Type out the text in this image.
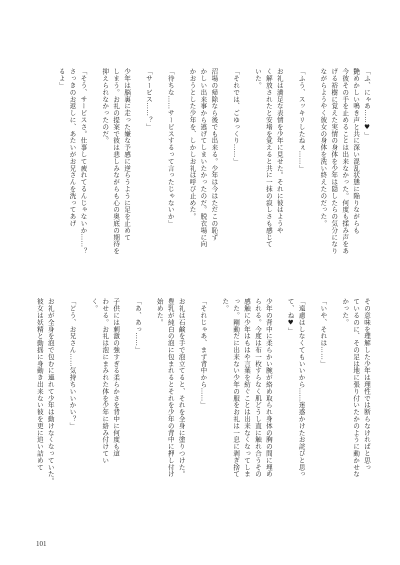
「ふ、にゃあ……♥」
艶めかしい鳴き声と共に深い混乱状態に陥りながらも
今彼その手を止めることは出来なかった。何度も揉み声をあ
げる裕樹に覚えた実情の身体を少年は隠したらの気分になり
ながらようやく彼女の身体を洗い終えたのだった。

「ふう、スッキリしたねぇ……」

お礼は満足な表情を少年に見せた。それに彼はようや
く解放されたと安堵を覚えると共に一抹の寂しさも感じて
いた。

「それでは、ごゆっくり……」

沼場の帰除なら後でも出来る。少年は今はただこの恥ず
かしい出来事から逃げてしまいたかったのだ。脱衣場に向
かおうとした少年を、しかしお礼は呼び止めた。

「待ちな……サービスするって言ったじゃないか」

「サービス……？」

少年は脳裏に走った嫌な予感に逆らうように足を止めて
しまう。お礼の提案で彼は悲しみながらも心の奥底の期待を
抑えられなかったのだ。

「そう、サービスさ。仕事して疲れてるんじゃないか……？
さっきのお返しに、あたいがお兄さんを洗ってあげ
るよ」
その意味を理解した少年は理性では断らなければと思っ
ているのに、その足は地に張り付いたかのように動かせな
かった。

「いや、それは……」

「遠慮はしなくてもいいから……迷惑かけたお詫びと思っ
て、ね♥」

少年の背中に柔らかい腕が絡め取られ身体の胸の間に埋め
られる。今度は布一枚すらなく肌どうし直に触れ合うその
感触に少年はもはや言葉を紡ぐことは出来なくなってしま
った。剛動だに出来ない少年の服をお礼は一息に剥ぎ捨て
た。

「それじゃあ、まず背中から……」

お礼は石鹸を手で泡立てると、それを全身に塗りつけた。
豊乳が純白の泡に包まれるとそれを少年の背中に押し付け
始めた。

「あ、あっ……」

子供には刺激の強すぎる柔らかさを背中に何度も這
わせる。お礼は泡にまみれた体を少年に絡み付けてい
く。

「どう、お兄さん……気持ちいいかい？」

お礼が全身を泡で包むに連れて少年は動けなくなっていた。
彼女は妖精と動揺に身動き出来ない彼を更に追い詰めて
101
